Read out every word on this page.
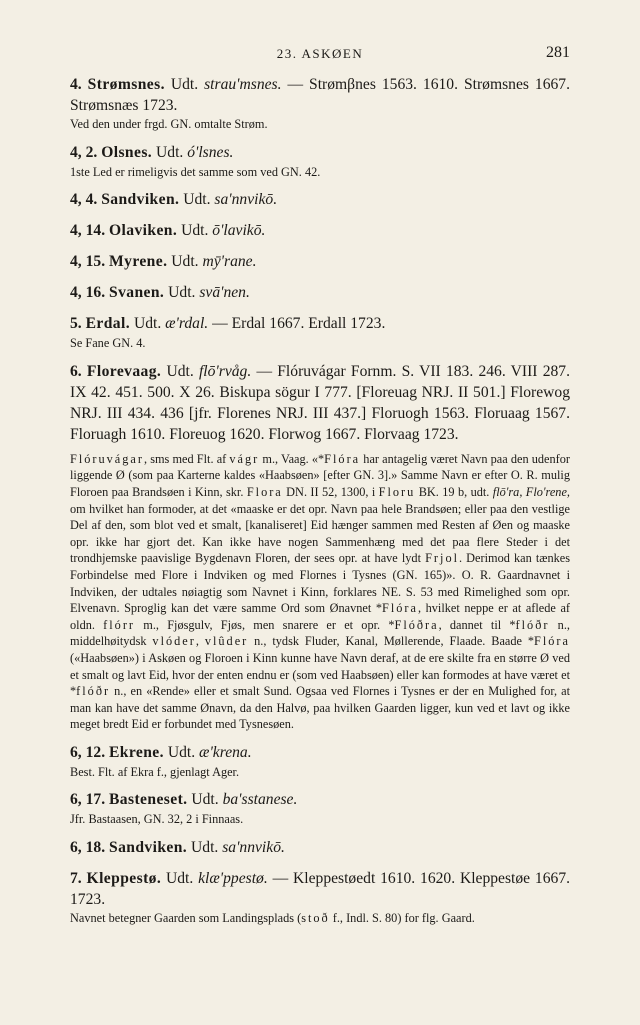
23. ASKØEN	281

4. Strømsnes. Udt. strau'msnes. — Strømβnes 1563. 1610. Strømsnes 1667. Strømsnæs 1723.

Ved den under frgd. GN. omtalte Strøm.

4, 2. Olsnes. Udt. ó'lsnes.

1ste Led er rimeligvis det samme som ved GN. 42.

4, 4. Sandviken. Udt. sa'nnvikō.

4, 14. Olaviken. Udt. ō'lavikō.

4, 15. Myrene. Udt. mȳ'rane.

4, 16. Svanen. Udt. svā'nen.

5. Erdal. Udt. æ'rdal. — Erdal 1667. Erdall 1723.

Se Fane GN. 4.

6. Florevaag. Udt. flō'rvåg. — Flóruvágar Fornm. S. VII 183. 246. VIII 287. IX 42. 451. 500. X 26. Biskupa sögur I 777. [Floreuag NRJ. II 501.] Florewog NRJ. III 434. 436 [jfr. Florenes NRJ. III 437.] Floruogh 1563. Floruaag 1567. Floruagh 1610. Floreuog 1620. Florwog 1667. Florvaag 1723.

Flóruvágar, sms med Flt. af vágr m., Vaag. «*Flóra har antagelig været Navn paa den udenfor liggende Ø (som paa Karterne kaldes «Haabsøen» [efter GN. 3].» Samme Navn er efter O. R. mulig Floroen paa Brandsøen i Kinn, skr. Flora DN. II 52, 1300, i Floru BK. 19 b, udt. flō'ra, Flo'rene, om hvilket han formoder, at det «maaske er det opr. Navn paa hele Brandsøen; eller paa den vestlige Del af den, som blot ved et smalt, [kanaliseret] Eid hænger sammen med Resten af Øen og maaske opr. ikke har gjort det. Kan ikke have nogen Sammenhæng med det paa flere Steder i det trondhjemske paavislige Bygdenavn Floren, der sees opr. at have lydt Frjol. Derimod kan tænkes Forbindelse med Flore i Indviken og med Flornes i Tysnes (GN. 165)». O. R. Gaardnavnet i Indviken, der udtales nøiagtig som Navnet i Kinn, forklares NE. S. 53 med Rimelighed som opr. Elvenavn. Sproglig kan det være samme Ord som Ønavnet *Flóra, hvilket neppe er at aflede af oldn. flórr m., Fjøsgulv, Fjøs, men snarere er et opr. *Flóðra, dannet til *flóðr n., middelhøitydsk vlóder, vlûder n., tydsk Fluder, Kanal, Møllerende, Flaade. Baade *Flóra («Haabsøen») i Askøen og Floroen i Kinn kunne have Navn deraf, at de ere skilte fra en større Ø ved et smalt og lavt Eid, hvor der enten endnu er (som ved Haabsøen) eller kan formodes at have været et *flóðr n., en «Rende» eller et smalt Sund. Ogsaa ved Flornes i Tysnes er der en Mulighed for, at man kan have det samme Ønavn, da den Halvø, paa hvilken Gaarden ligger, kun ved et lavt og ikke meget bredt Eid er forbundet med Tysnesøen.

6, 12. Ekrene. Udt. æ'krena.

Best. Flt. af Ekra f., gjenlagt Ager.

6, 17. Basteneset. Udt. ba'sstanese.

Jfr. Bastaasen, GN. 32, 2 i Finnaas.

6, 18. Sandviken. Udt. sa'nnvikō.

7. Kleppestø. Udt. klæ'ppestø. — Kleppestøedt 1610. 1620. Kleppestøe 1667. 1723.

Navnet betegner Gaarden som Landingsplads (stoð f., Indl. S. 80) for flg. Gaard.
